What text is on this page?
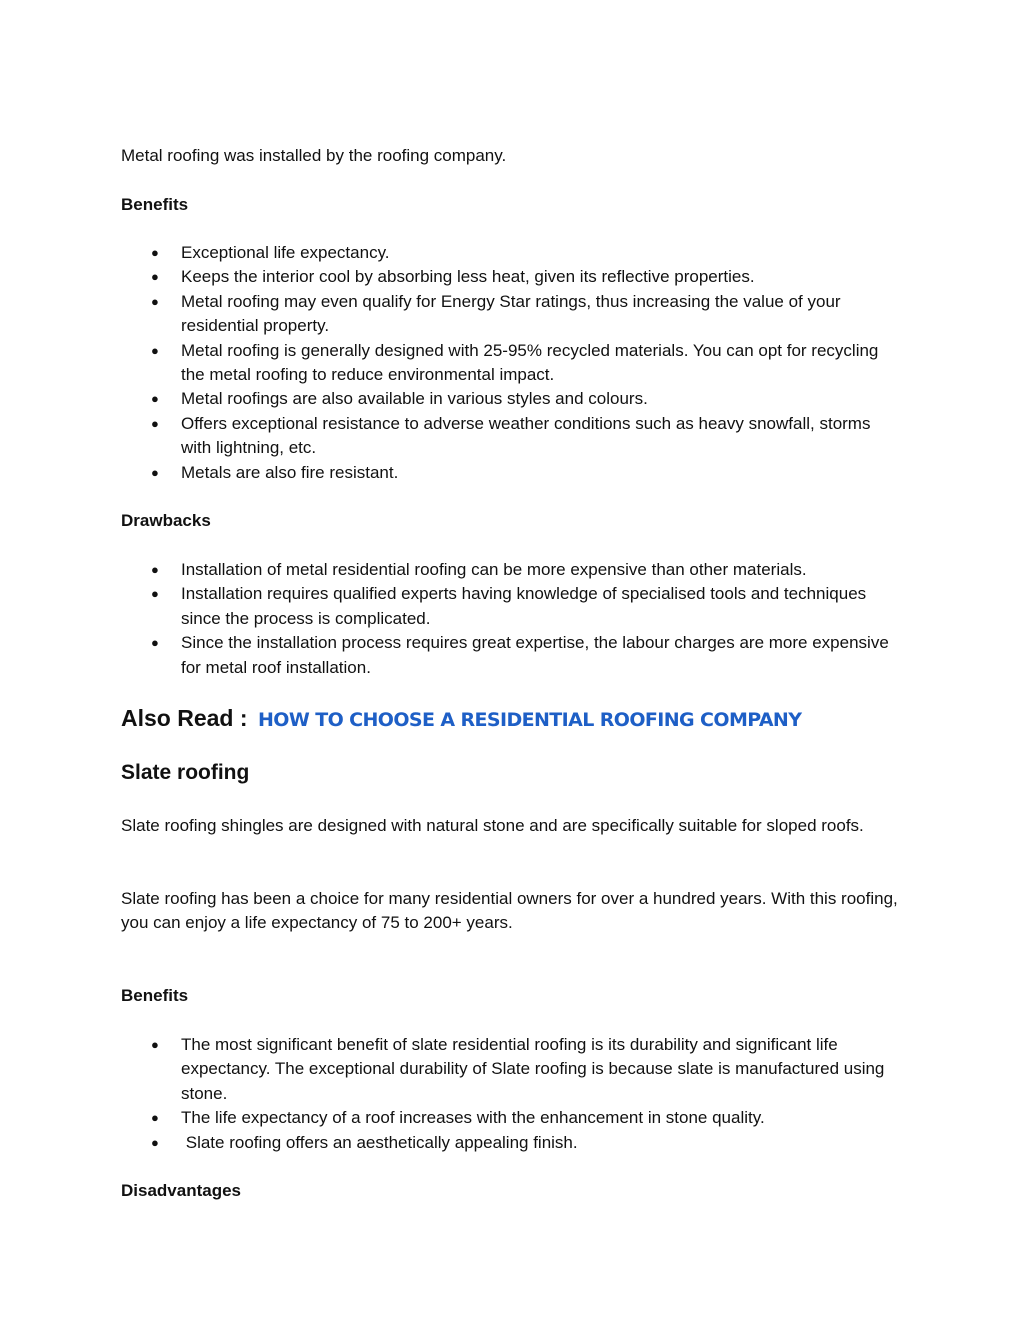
Metal roofing was installed by the roofing company.

Benefits

● Exceptional life expectancy.
● Keeps the interior cool by absorbing less heat, given its reflective properties.
● Metal roofing may even qualify for Energy Star ratings, thus increasing the value of your residential property.
● Metal roofing is generally designed with 25-95% recycled materials. You can opt for recycling the metal roofing to reduce environmental impact.
● Metal roofings are also available in various styles and colours.
● Offers exceptional resistance to adverse weather conditions such as heavy snowfall, storms with lightning, etc.
● Metals are also fire resistant.

Drawbacks

● Installation of metal residential roofing can be more expensive than other materials.
● Installation requires qualified experts having knowledge of specialised tools and techniques since the process is complicated.
● Since the installation process requires great expertise, the labour charges are more expensive for metal roof installation.
Also Read : HOW TO CHOOSE A RESIDENTIAL ROOFING COMPANY
Slate roofing

Slate roofing shingles are designed with natural stone and are specifically suitable for sloped roofs.

Slate roofing has been a choice for many residential owners for over a hundred years. With this roofing, you can enjoy a life expectancy of 75 to 200+ years.

Benefits

● The most significant benefit of slate residential roofing is its durability and significant life expectancy. The exceptional durability of Slate roofing is because slate is manufactured using stone.
● The life expectancy of a roof increases with the enhancement in stone quality.
● Slate roofing offers an aesthetically appealing finish.

Disadvantages
